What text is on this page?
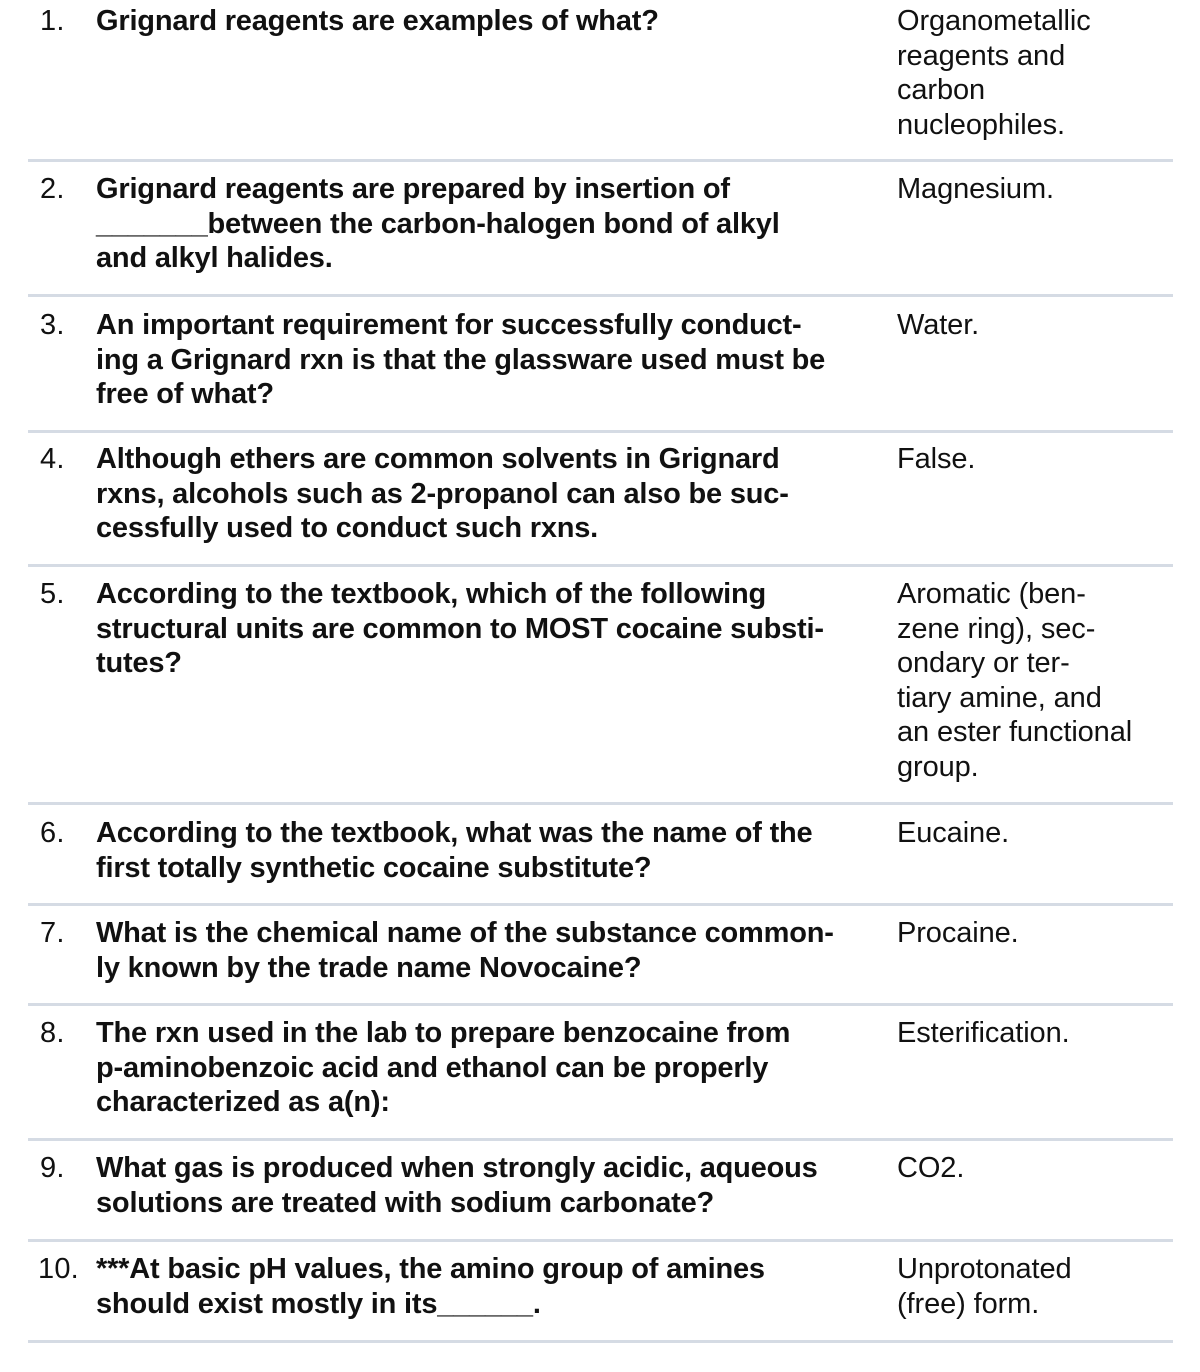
1. Grignard reagents are examples of what?	Organometallic
reagents and
carbon
nucleophiles.
2. Grignard reagents are prepared by insertion of
_______between the carbon-halogen bond of alkyl
and alkyl halides.
Magnesium.
3. An important requirement for successfully conduct-
ing a Grignard rxn is that the glassware used must be
free of what?
Water.
4. Although ethers are common solvents in Grignard
rxns, alcohols such as 2-propanol can also be suc-
cessfully used to conduct such rxns.
False.
5. According to the textbook, which of the following
structural units are common to MOST cocaine substi-
tutes?
Aromatic (ben-
zene ring), sec-
ondary or ter-
tiary amine, and
an ester functional
group.
6. According to the textbook, what was the name of the
first totally synthetic cocaine substitute?
Eucaine.
7. What is the chemical name of the substance common-
ly known by the trade name Novocaine?
Procaine.
8. The rxn used in the lab to prepare benzocaine from
p-aminobenzoic acid and ethanol can be properly
characterized as a(n):
Esterification.
9. What gas is produced when strongly acidic, aqueous
solutions are treated with sodium carbonate?
CO2.
10. ***At basic pH values, the amino group of amines
should exist mostly in its______.
Unprotonated
(free) form.
